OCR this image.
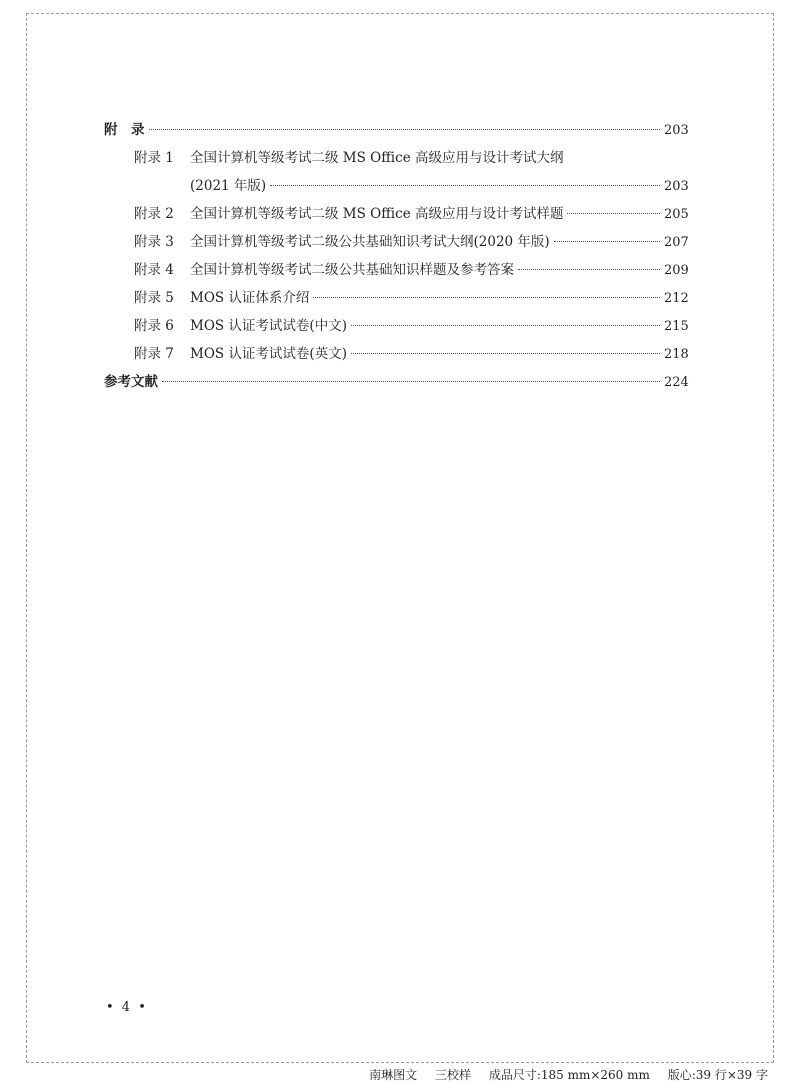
附　录	203
附录 1	全国计算机等级考试二级 MS Office 高级应用与设计考试大纲
(2021 年版)	203
附录 2	全国计算机等级考试二级 MS Office 高级应用与设计考试样题	205
附录 3	全国计算机等级考试二级公共基础知识考试大纲(2020 年版)	207
附录 4	全国计算机等级考试二级公共基础知识样题及参考答案	209
附录 5	MOS 认证体系介绍	212
附录 6	MOS 认证考试试卷(中文)	215
附录 7	MOS 认证考试试卷(英文)	218
参考文献	224
• 4 •
南琳图文 三校样 成品尺寸:185 mm×260 mm 版心:39 行×39 字
